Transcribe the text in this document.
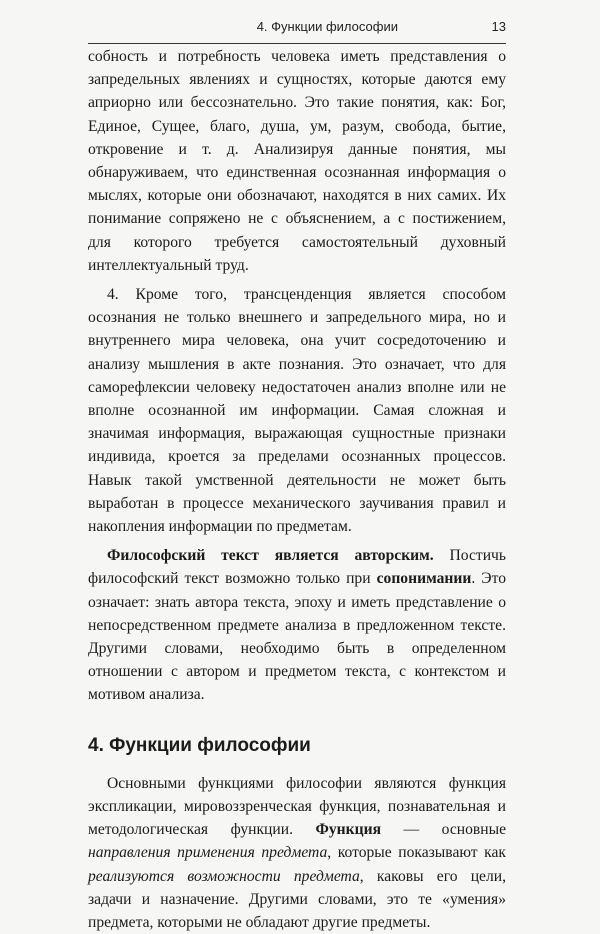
4. Функции философии	13

собность и потребность человека иметь представления о запредельных явлениях и сущностях, которые даются ему априорно или бессознательно. Это такие понятия, как: Бог, Единое, Сущее, благо, душа, ум, разум, свобода, бытие, откровение и т. д. Анализируя данные понятия, мы обнаруживаем, что единственная осознанная информация о мыслях, которые они обозначают, находятся в них самих. Их понимание сопряжено не с объяснением, а с постижением, для которого требуется самостоятельный духовный интеллектуальный труд.

4. Кроме того, трансценденция является способом осознания не только внешнего и запредельного мира, но и внутреннего мира человека, она учит сосредоточению и анализу мышления в акте познания. Это означает, что для саморефлексии человеку недостаточен анализ вполне или не вполне осознанной им информации. Самая сложная и значимая информация, выражающая сущностные признаки индивида, кроется за пределами осознанных процессов. Навык такой умственной деятельности не может быть выработан в процессе механического заучивания правил и накопления информации по предметам.

Философский текст является авторским. Постичь философский текст возможно только при сопонимании. Это означает: знать автора текста, эпоху и иметь представление о непосредственном предмете анализа в предложенном тексте. Другими словами, необходимо быть в определенном отношении с автором и предметом текста, с контекстом и мотивом анализа.

4. Функции философии

Основными функциями философии являются функция экспликации, мировоззренческая функция, познавательная и методологическая функции. Функция — основные направления применения предмета, которые показывают как реализуются возможности предмета, каковы его цели, задачи и назначение. Другими словами, это те «умения» предмета, которыми не обладают другие предметы.
